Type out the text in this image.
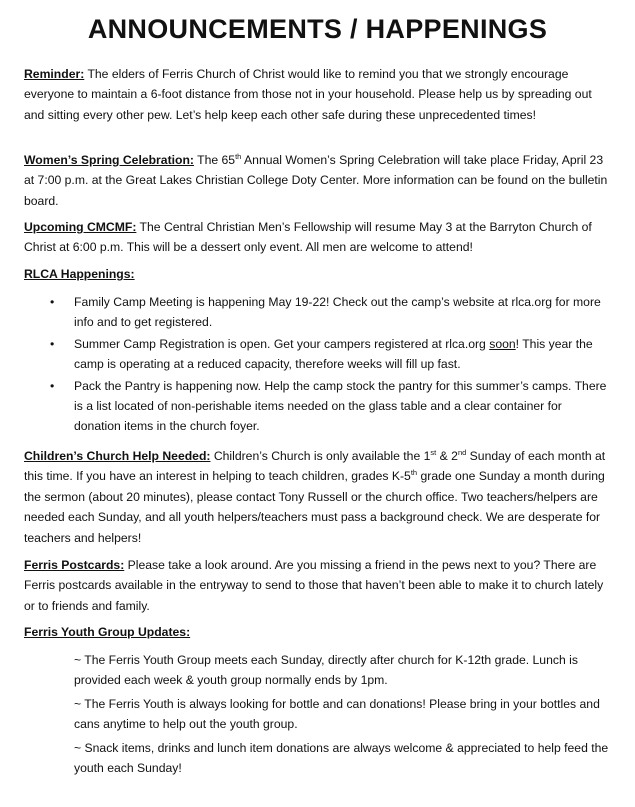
ANNOUNCEMENTS / HAPPENINGS

Reminder: The elders of Ferris Church of Christ would like to remind you that we strongly encourage everyone to maintain a 6-foot distance from those not in your household. Please help us by spreading out and sitting every other pew. Let’s help keep each other safe during these unprecedented times!

Women’s Spring Celebration: The 65th Annual Women’s Spring Celebration will take place Friday, April 23 at 7:00 p.m. at the Great Lakes Christian College Doty Center. More information can be found on the bulletin board.

Upcoming CMCMF: The Central Christian Men’s Fellowship will resume May 3 at the Barryton Church of Christ at 6:00 p.m. This will be a dessert only event. All men are welcome to attend!

RLCA Happenings:

• Family Camp Meeting is happening May 19-22! Check out the camp’s website at rlca.org for more info and to get registered.
• Summer Camp Registration is open. Get your campers registered at rlca.org soon! This year the camp is operating at a reduced capacity, therefore weeks will fill up fast.
• Pack the Pantry is happening now. Help the camp stock the pantry for this summer’s camps. There is a list located of non-perishable items needed on the glass table and a clear container for donation items in the church foyer.

Children’s Church Help Needed: Children’s Church is only available the 1st & 2nd Sunday of each month at this time. If you have an interest in helping to teach children, grades K-5th grade one Sunday a month during the sermon (about 20 minutes), please contact Tony Russell or the church office. Two teachers/helpers are needed each Sunday, and all youth helpers/teachers must pass a background check. We are desperate for teachers and helpers!

Ferris Postcards: Please take a look around. Are you missing a friend in the pews next to you? There are Ferris postcards available in the entryway to send to those that haven’t been able to make it to church lately or to friends and family.

Ferris Youth Group Updates:

~ The Ferris Youth Group meets each Sunday, directly after church for K-12th grade. Lunch is provided each week & youth group normally ends by 1pm.

~ The Ferris Youth is always looking for bottle and can donations! Please bring in your bottles and cans anytime to help out the youth group.

~ Snack items, drinks and lunch item donations are always welcome & appreciated to help feed the youth each Sunday!
